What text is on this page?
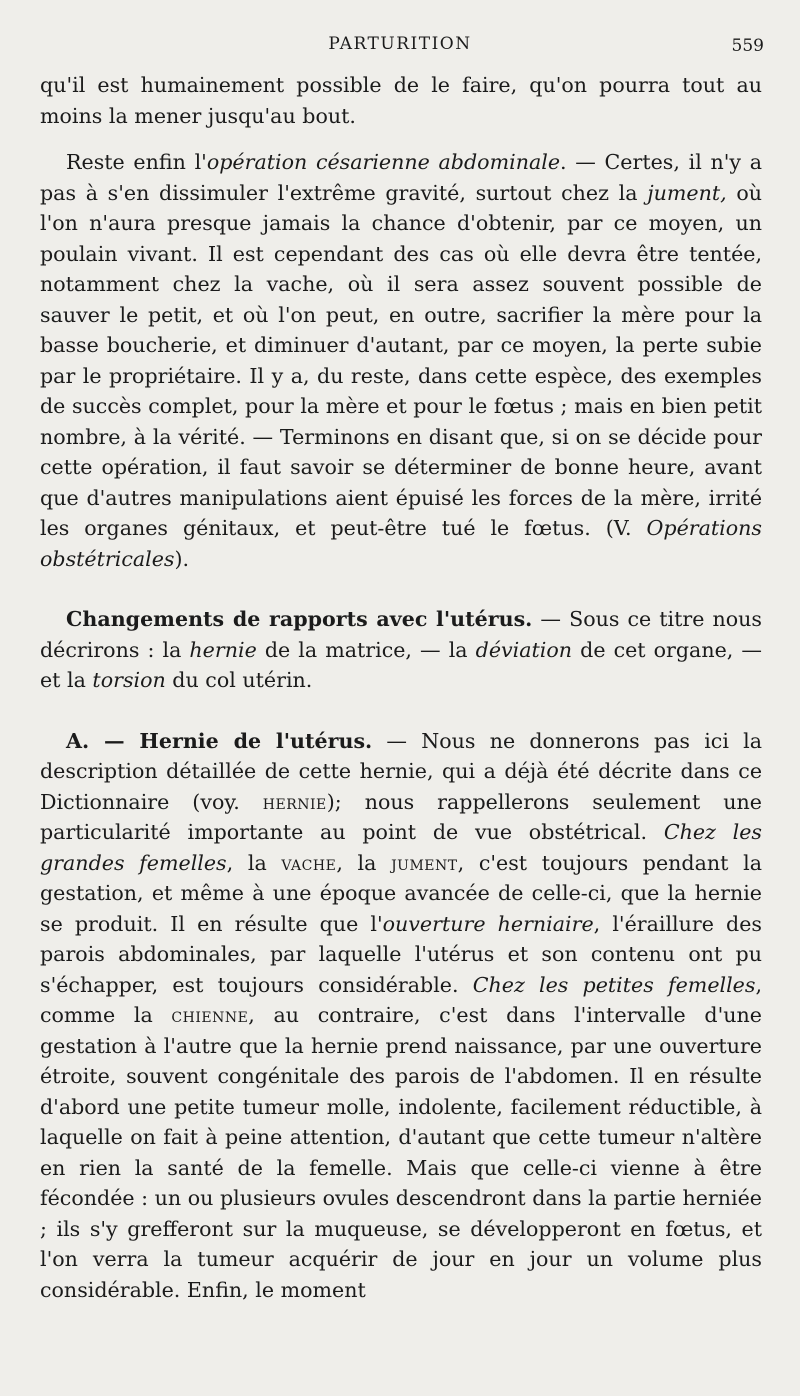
PARTURITION	559

qu'il est humainement possible de le faire, qu'on pourra tout au moins la mener jusqu'au bout.

Reste enfin l'opération césarienne abdominale. — Certes, il n'y a pas à s'en dissimuler l'extrême gravité, surtout chez la jument, où l'on n'aura presque jamais la chance d'obtenir, par ce moyen, un poulain vivant. Il est cependant des cas où elle devra être tentée, notamment chez la vache, où il sera assez souvent possible de sauver le petit, et où l'on peut, en outre, sacrifier la mère pour la basse boucherie, et diminuer d'autant, par ce moyen, la perte subie par le propriétaire. Il y a, du reste, dans cette espèce, des exemples de succès complet, pour la mère et pour le fœtus ; mais en bien petit nombre, à la vérité. — Terminons en disant que, si on se décide pour cette opération, il faut savoir se déterminer de bonne heure, avant que d'autres manipulations aient épuisé les forces de la mère, irrité les organes génitaux, et peut-être tué le fœtus. (V. Opérations obstétricales).

Changements de rapports avec l'utérus. — Sous ce titre nous décrirons : la hernie de la matrice, — la déviation de cet organe, — et la torsion du col utérin.

A. — Hernie de l'utérus. — Nous ne donnerons pas ici la description détaillée de cette hernie, qui a déjà été décrite dans ce Dictionnaire (voy. hernie); nous rappellerons seulement une particularité importante au point de vue obstétrical. Chez les grandes femelles, la vache, la jument, c'est toujours pendant la gestation, et même à une époque avancée de celle-ci, que la hernie se produit. Il en résulte que l'ouverture herniaire, l'éraillure des parois abdominales, par laquelle l'utérus et son contenu ont pu s'échapper, est toujours considérable. Chez les petites femelles, comme la chienne, au contraire, c'est dans l'intervalle d'une gestation à l'autre que la hernie prend naissance, par une ouverture étroite, souvent congénitale des parois de l'abdomen. Il en résulte d'abord une petite tumeur molle, indolente, facilement réductible, à laquelle on fait à peine attention, d'autant que cette tumeur n'altère en rien la santé de la femelle. Mais que celle-ci vienne à être fécondée : un ou plusieurs ovules descendront dans la partie herniée ; ils s'y grefferont sur la muqueuse, se développeront en fœtus, et l'on verra la tumeur acquérir de jour en jour un volume plus considérable. Enfin, le moment
